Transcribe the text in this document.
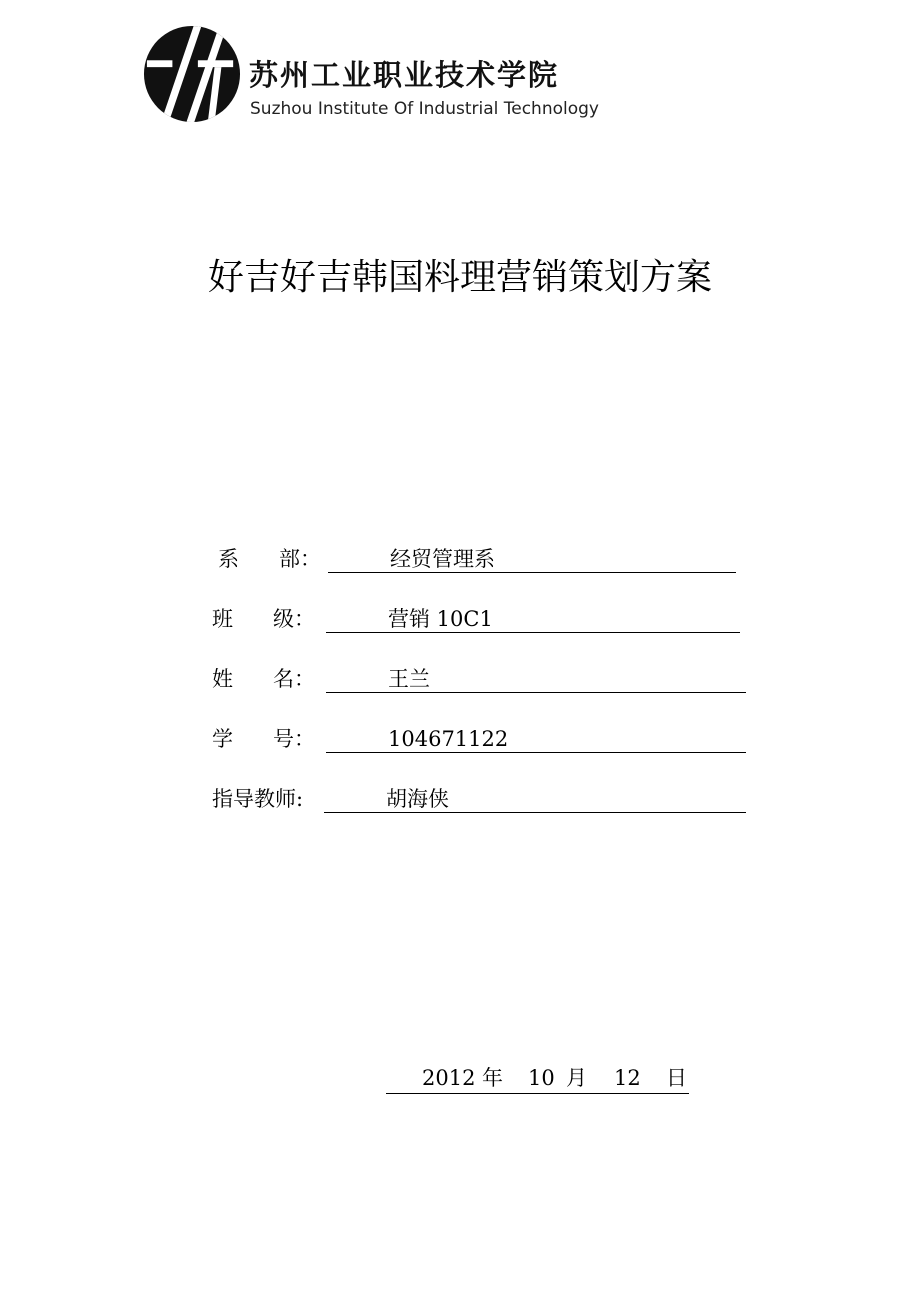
苏州工业职业技术学院
Suzhou Institute Of Industrial Technology
好吉好吉韩国料理营销策划方案
系 部 ：	经贸管理系
班 级 ：	营销 10C1
姓 名 ：	王兰
学 号 ：	104671122
指导教师:	胡海侠
2012 年 10 月 12 日
